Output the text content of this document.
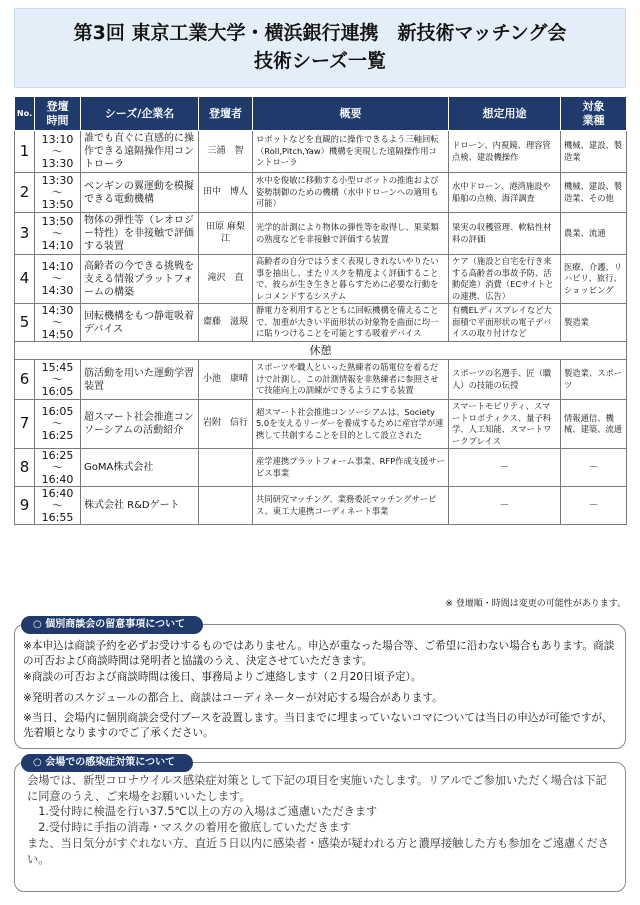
第3回 東京工業大学・横浜銀行連携　新技術マッチング会
技術シーズ一覧
No.	登壇
時間	シーズ/企業名	登壇者	概要	想定用途	対象
業種
1	13:10
～
13:30	誰でも直ぐに直感的に操作できる遠隔操作用コントローラ	三浦　智	ロボットなどを直観的に操作できるよう三軸回転（Roll,Pitch,Yaw）機構を実現した遠隔操作用コントローラ	ドローン、内視鏡、理容管点検、建設機操作	機械、建設、製造業
2	13:30
～
13:50	ペンギンの翼運動を模擬できる電動機構	田中　博人	水中を俊敏に移動する小型ロボットの推進および姿勢制御のための機構（水中ドローンへの適用も可能）	水中ドローン、港湾施設や船舶の点検、海洋調査	機械、建設、製造業、その他
3	13:50
～
14:10	物体の弾性等（レオロジー特性）を非接触で評価する装置	田原 麻梨江	光学的計測により物体の弾性等を取得し、果菜類の熟度などを非接触で評価する装置	果実の収穫管理、軟粘性材料の評価	農業、流通
4	14:10
～
14:30	高齢者の今できる挑戦を支える情報プラットフォームの構築	滝沢　直	高齢者の自分ではうまく表現しきれないやりたい事を抽出し、またリスクを精度よく評価することで、彼らが生き生きと暮らすために必要な行動をレコメンドするシステム	ケア（施設と自宅を行き来する高齢者の事故予防、活動促進）消費（ECサイトとの連携、広告）	医療、介護、リハビリ、旅行、ショッピング
5	14:30
～
14:50	回転機構をもつ静電吸着デバイス	齋藤　滋規	静電力を利用するとともに回転機構を備えることで、加重が大きい平面形状の対象物を曲面に均一に貼りつけることを可能とする吸着デバイス	有機ELディスプレイなど大面積で平面形状の電子デバイスの取り付けなど	製造業
休憩						
6	15:45
～
16:05	筋活動を用いた運動学習装置	小池　康晴	スポーツや職人といった熟練者の筋電位を着るだけで計測し、この計測情報を非熟練者に参照させて技能向上の訓練ができるようにする装置	スポーツの名選手、匠（職人）の技能の伝授	製造業、スポーツ
7	16:05
～
16:25	超スマート社会推進コンソーシアムの活動紹介	岩附　信行	超スマート社会推進コンソーシアムは、Society 5.0を支えるリーダーを養成するために産官学が連携して共創することを目的として設立された	スマートモビリティ、スマートロボティクス、量子科学、人工知能、スマートワークプレイス	情報通信、機械、建築、流通
8	16:25
～
16:40	GoMA株式会社		産学連携プラットフォーム事業、RFP作成支援サービス事業	－	－
9	16:40
～
16:55	株式会社 R&Dゲート		共同研究マッチング、業務委託マッチングサービス、東工大連携コーディネート事業	－	－
※ 登壇順・時間は変更の可能性があります。
○ 個別商談会の留意事項について

※本申込は商談予約を必ずお受けするものではありません。申込が重なった場合等、ご希望に沿わない場合もあります。商談の可否および商談時間は発明者と協議のうえ、決定させていただきます。

※商談の可否および商談時間は後日、事務局よりご連絡します（２月20日頃予定）。

※発明者のスケジュールの都合上、商談はコーディネーターが対応する場合があります。

※当日、会場内に個別商談会受付ブースを設置します。当日までに埋まっていないコマについては当日の申込が可能ですが、先着順となりますのでご了承ください。

○ 会場での感染症対策について

会場では、新型コロナウイルス感染症対策として下記の項目を実施いたします。リアルでご参加いただく場合は下記に同意のうえ、ご来場をお願いいたします。

　1.受付時に検温を行い37.5℃以上の方の入場はご遠慮いただきます

　2.受付時に手指の消毒・マスクの着用を徹底していただきます

また、当日気分がすぐれない方、直近５日以内に感染者・感染が疑われる方と濃厚接触した方も参加をご遠慮ください。
